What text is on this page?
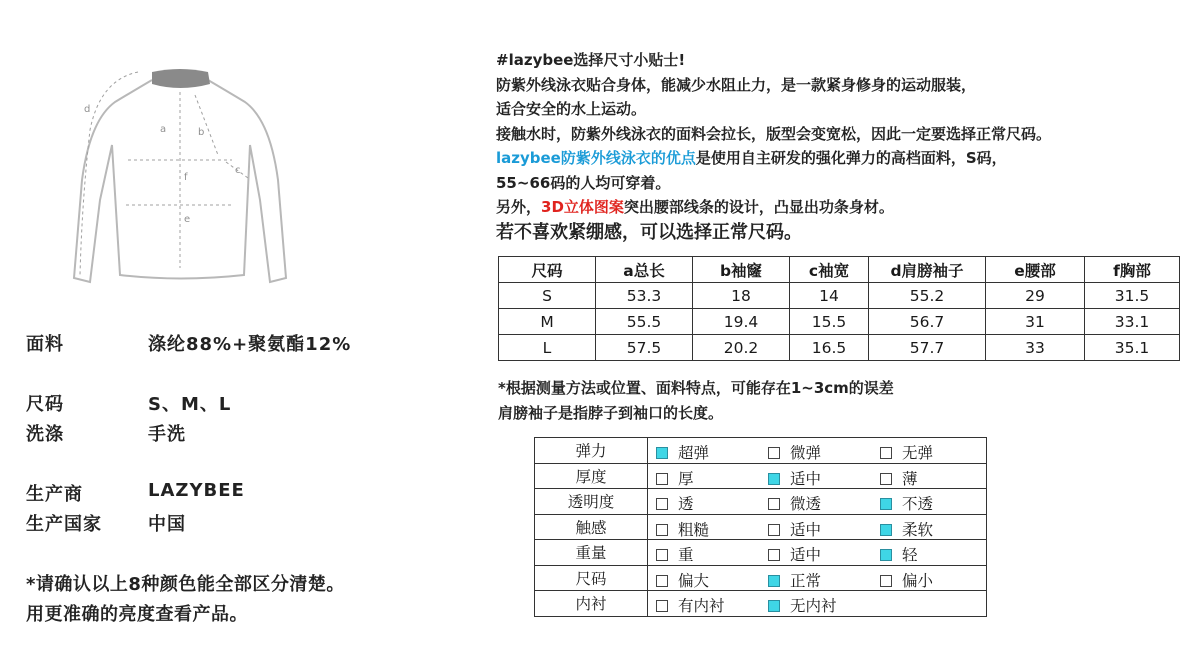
a	b
c
d
e
f
面料	涤纶88%+聚氨酯12%
尺码	S、M、L
洗涤	手洗
生产商	LAZYBEE
生产国家	中国
*请确认以上8种颜色能全部区分清楚。
用更准确的亮度查看产品。
#lazybee选择尺寸小贴士!
防紫外线泳衣贴合身体，能减少水阻止力，是一款紧身修身的运动服装，
适合安全的水上运动。
接触水时，防紫外线泳衣的面料会拉长，版型会变宽松，因此一定要选择正常尺码。
lazybee防紫外线泳衣的优点是使用自主研发的强化弹力的高档面料，S码，
55~66码的人均可穿着。
另外，3D立体图案突出腰部线条的设计，凸显出功条身材。
若不喜欢紧绷感，可以选择正常尺码。
尺码	a总长	b袖窿	c袖宽	d肩膀袖子	e腰部	f胸部
S	53.3	18	14	55.2	29	31.5
M	55.5	19.4	15.5	56.7	31	33.1
L	57.5	20.2	16.5	57.7	33	35.1
*根据测量方法或位置、面料特点，可能存在1~3cm的误差
肩膀袖子是指脖子到袖口的长度。
弹力	超弹 微弹 无弹

厚度	厚 适中 薄

透明度	透 微透 不透

触感	粗糙 适中 柔软

重量	重 适中 轻

尺码	偏大 正常 偏小

内衬	有内衬 无内衬
